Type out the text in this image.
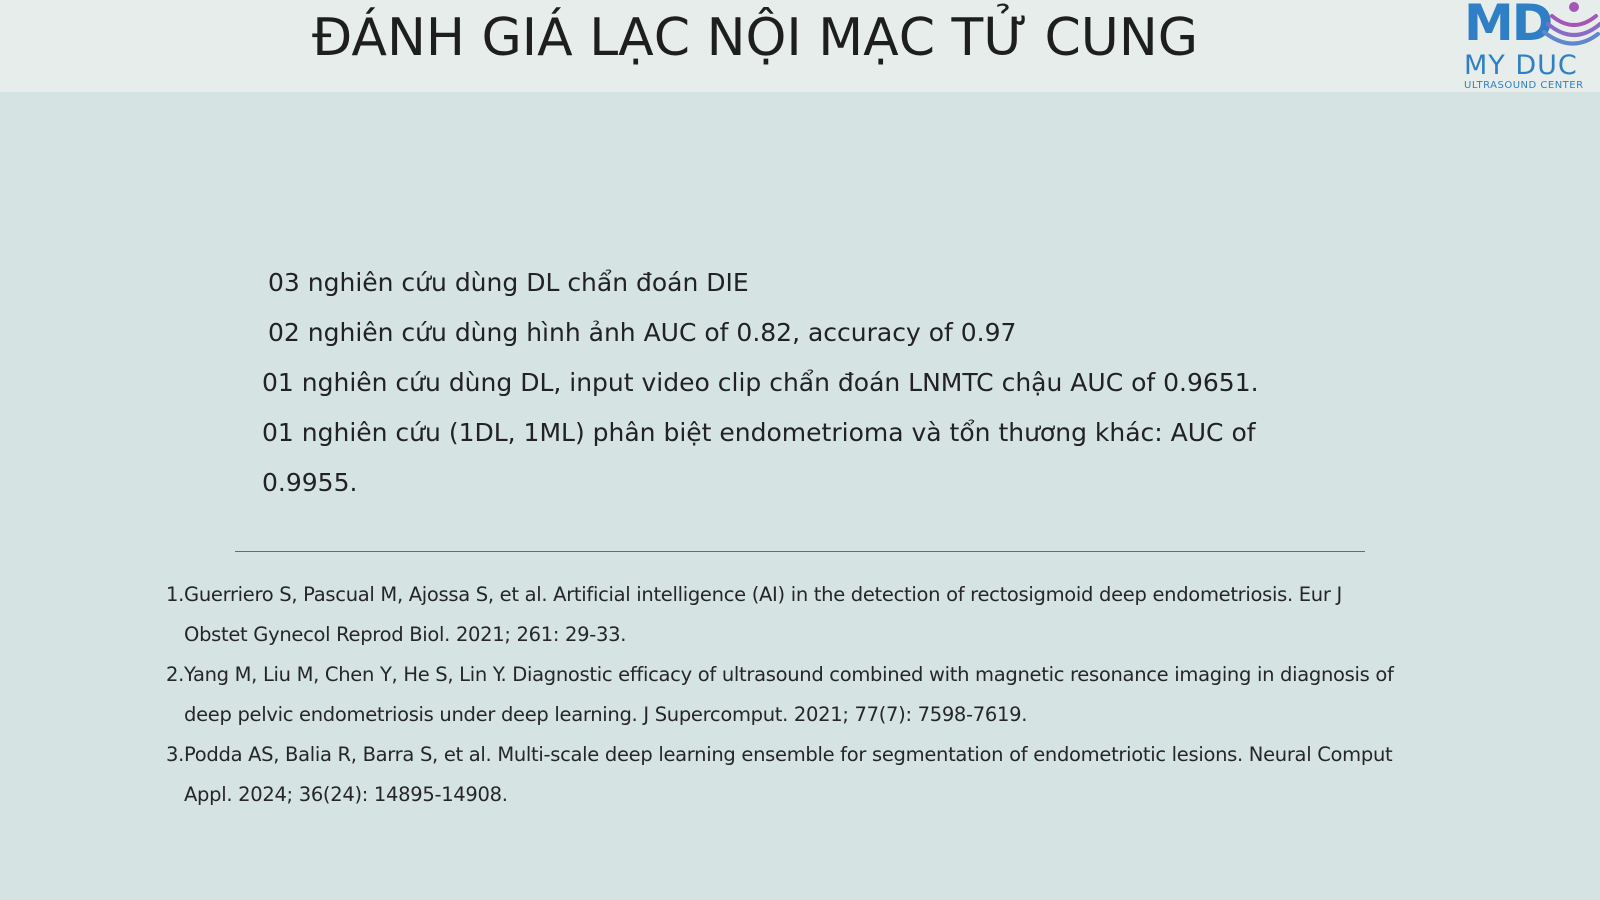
ĐÁNH GIÁ LẠC NỘI MẠC TỬ CUNG	MD
MY DUC
ULTRASOUND CENTER

03 nghiên cứu dùng DL chẩn đoán DIE

02 nghiên cứu dùng hình ảnh AUC of 0.82, accuracy of 0.97

01 nghiên cứu dùng DL, input video clip chẩn đoán LNMTC chậu AUC of 0.9651.

01 nghiên cứu (1DL, 1ML) phân biệt endometrioma và tổn thương khác: AUC of 0.9955.

1. Guerriero S, Pascual M, Ajossa S, et al. Artificial intelligence (AI) in the detection of rectosigmoid deep endometriosis. Eur J Obstet Gynecol Reprod Biol. 2021; 261: 29-33.
2. Yang M, Liu M, Chen Y, He S, Lin Y. Diagnostic efficacy of ultrasound combined with magnetic resonance imaging in diagnosis of deep pelvic endometriosis under deep learning. J Supercomput. 2021; 77(7): 7598-7619.
3. Podda AS, Balia R, Barra S, et al. Multi-scale deep learning ensemble for segmentation of endometriotic lesions. Neural Comput Appl. 2024; 36(24): 14895-14908.
